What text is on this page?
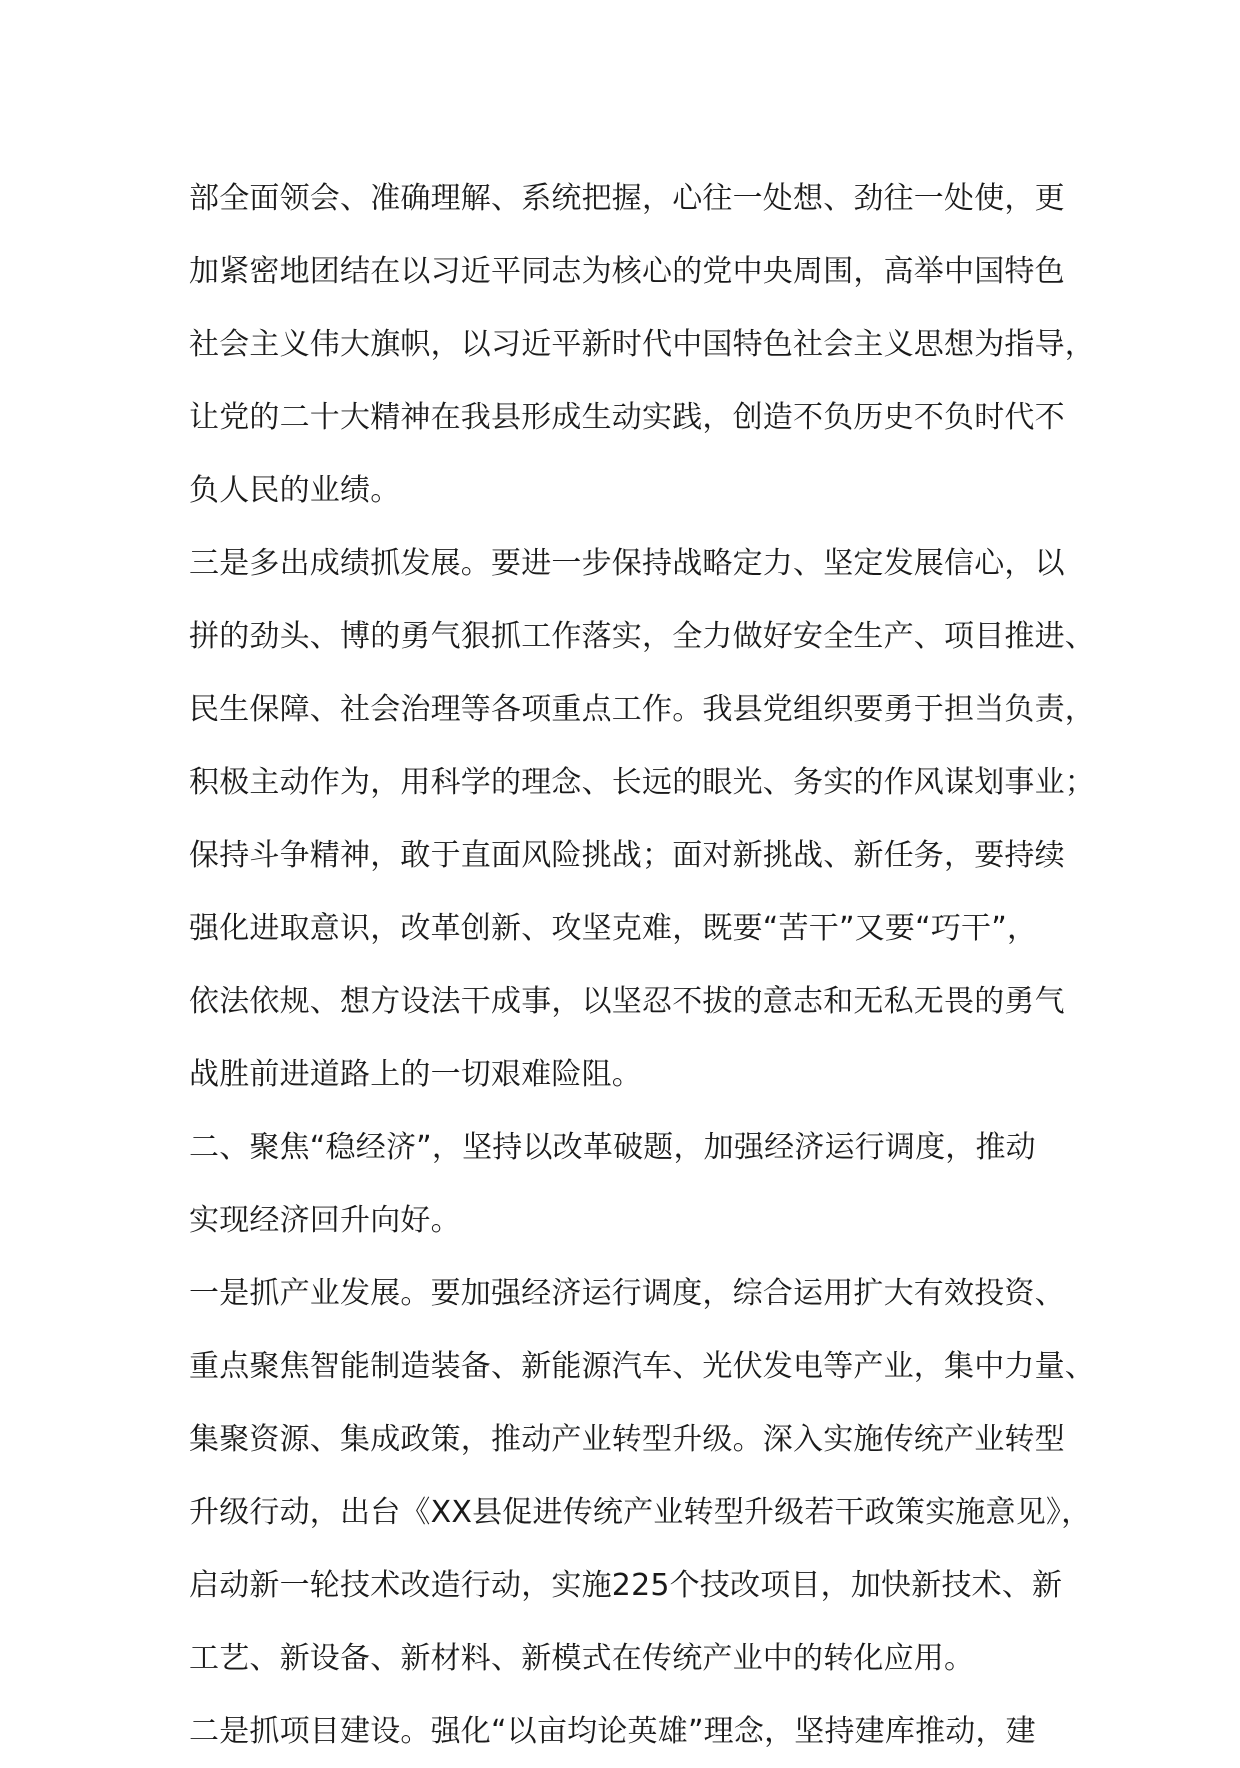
部全面领会、准确理解、系统把握，心往一处想、劲往一处使，更
加紧密地团结在以习近平同志为核心的党中央周围，高举中国特色
社会主义伟大旗帜，以习近平新时代中国特色社会主义思想为指导，
让党的二十大精神在我县形成生动实践，创造不负历史不负时代不
负人民的业绩。
三是多出成绩抓发展。要进一步保持战略定力、坚定发展信心，以
拼的劲头、博的勇气狠抓工作落实，全力做好安全生产、项目推进、
民生保障、社会治理等各项重点工作。我县党组织要勇于担当负责，
积极主动作为，用科学的理念、长远的眼光、务实的作风谋划事业；
保持斗争精神，敢于直面风险挑战；面对新挑战、新任务，要持续
强化进取意识，改革创新、攻坚克难，既要“苦干”又要“巧干”，
依法依规、想方设法干成事，以坚忍不拔的意志和无私无畏的勇气
战胜前进道路上的一切艰难险阻。
二、聚焦“稳经济”，坚持以改革破题，加强经济运行调度，推动
实现经济回升向好。
一是抓产业发展。要加强经济运行调度，综合运用扩大有效投资、
重点聚焦智能制造装备、新能源汽车、光伏发电等产业，集中力量、
集聚资源、集成政策，推动产业转型升级。深入实施传统产业转型
升级行动，出台《XX县促进传统产业转型升级若干政策实施意见》，
启动新一轮技术改造行动，实施225个技改项目，加快新技术、新
工艺、新设备、新材料、新模式在传统产业中的转化应用。
二是抓项目建设。强化“以亩均论英雄”理念，坚持建库推动，建
